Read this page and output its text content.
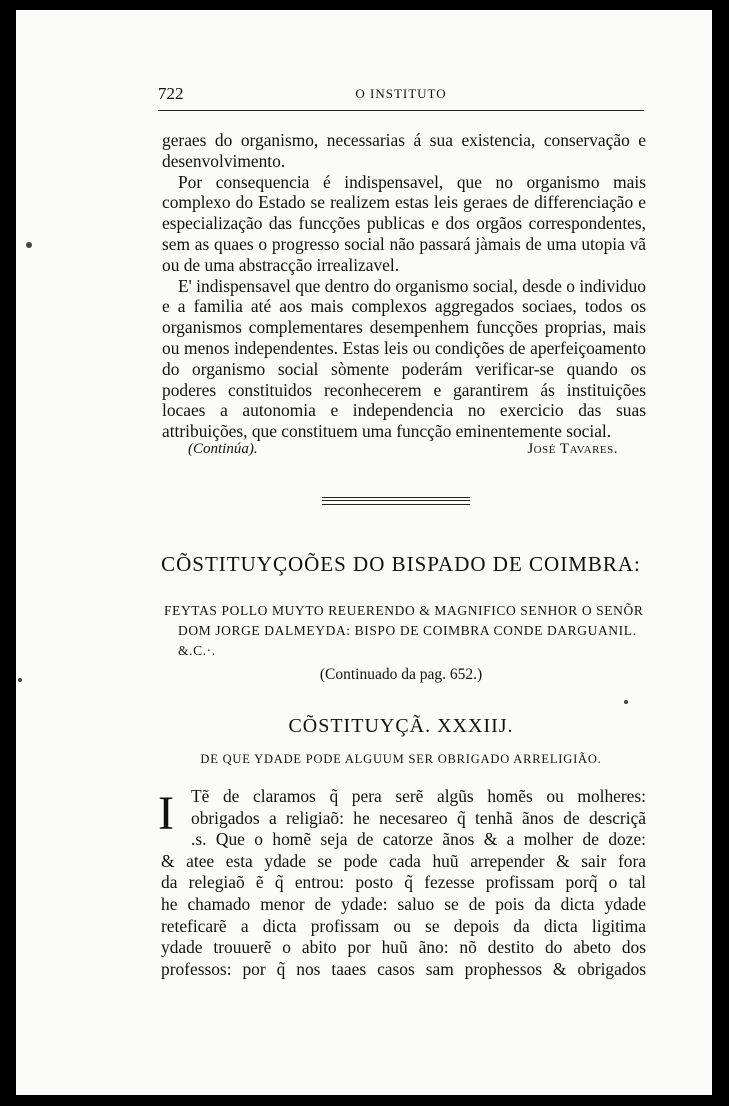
722	O INSTITUTO

geraes do organismo, necessarias á sua existencia, conservação e desenvolvimento.

Por consequencia é indispensavel, que no organismo mais complexo do Estado se realizem estas leis geraes de differenciação e especialização das funcções publicas e dos orgãos correspondentes, sem as quaes o progresso social não passará jàmais de uma utopia vã ou de uma abstracção irrealizavel.

E' indispensavel que dentro do organismo social, desde o individuo e a familia até aos mais complexos aggregados sociaes, todos os organismos complementares desempenhem funcções proprias, mais ou menos independentes. Estas leis ou condições de aperfeiçoamento do organismo social sòmente poderám verificar-se quando os poderes constituidos reconhecerem e garantirem ás instituições locaes a autonomia e independencia no exercicio das suas attribuições, que constituem uma funcção eminentemente social.

(Continúa).	José Tavares.
CÕSTITUYÇOÕES DO BISPADO DE COIMBRA:
FEYTAS POLLO MUYTO REUERENDO & MAGNIFICO SENHOR O SENÕR
DOM JORGE DALMEYDA: BISPO DE COIMBRA CONDE DARGUANIL.
&.C.·.
(Continuado da pag. 652.)
CÕSTITUYÇÃ. XXXIIJ.
DE QUE YDADE PODE ALGUUM SER OBRIGADO ARRELIGIÃO.
I Tẽ de claramos q̃ pera serẽ algũs homẽs ou molheres:
obrigados a religiaõ: he necesareo q̃ tenhã ãnos de descriçã
.s. Que o homẽ seja de catorze ãnos & a molher de doze:
& atee esta ydade se pode cada huũ arrepender & sair fora
da relegiaõ ẽ q̃ entrou: posto q̃ fezesse profissam porq̃ o tal
he chamado menor de ydade: saluo se de pois da dicta ydade
reteficarẽ a dicta profissam ou se depois da dicta ligitima
ydade trouuerẽ o abito por huũ ãno: nõ destito do abeto dos
professos: por q̃ nos taaes casos sam prophessos & obrigados
